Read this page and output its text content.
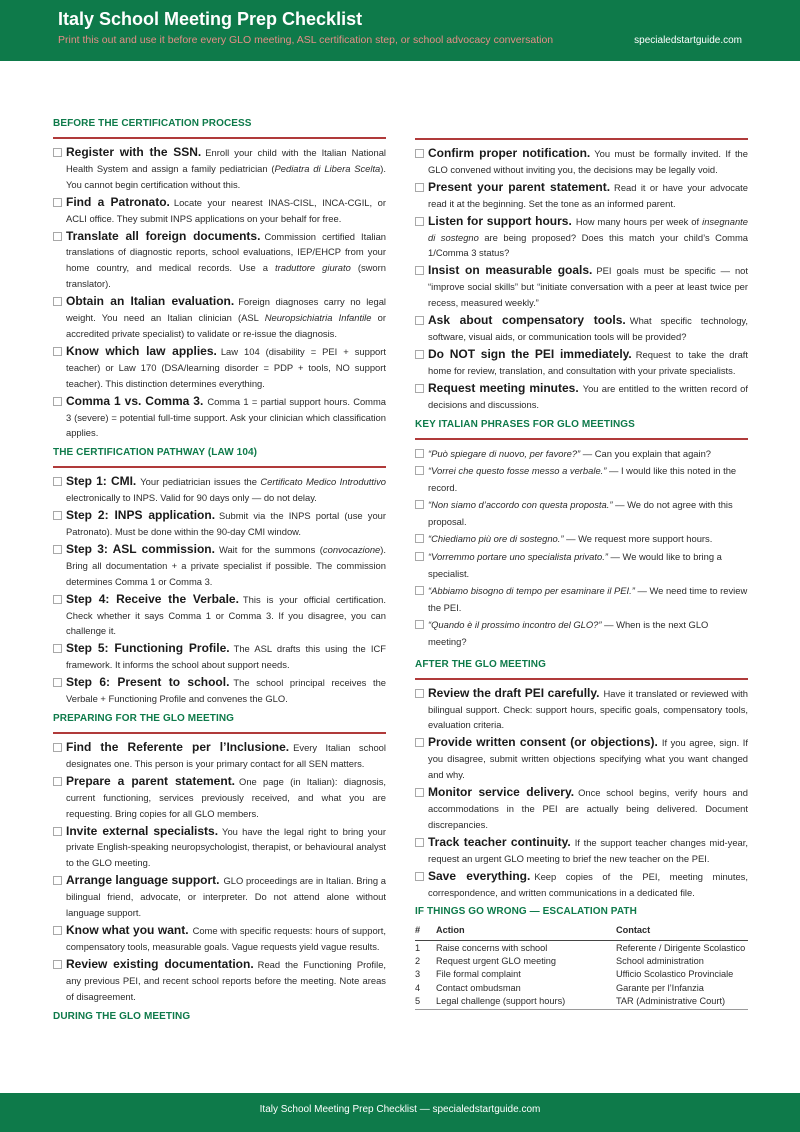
Italy School Meeting Prep Checklist
Print this out and use it before every GLO meeting, ASL certification step, or school advocacy conversation	specialedstartguide.com
BEFORE THE CERTIFICATION PROCESS
Register with the SSN. Enroll your child with the Italian National Health System and assign a family pediatrician (Pediatra di Libera Scelta). You cannot begin certification without this.
Find a Patronato. Locate your nearest INAS-CISL, INCA-CGIL, or ACLI office. They submit INPS applications on your behalf for free.
Translate all foreign documents. Commission certified Italian translations of diagnostic reports, school evaluations, IEP/EHCP from your home country, and medical records. Use a traduttore giurato (sworn translator).
Obtain an Italian evaluation. Foreign diagnoses carry no legal weight. You need an Italian clinician (ASL Neuropsichiatria Infantile or accredited private specialist) to validate or re-issue the diagnosis.
Know which law applies. Law 104 (disability = PEI + support teacher) or Law 170 (DSA/learning disorder = PDP + tools, NO support teacher). This distinction determines everything.
Comma 1 vs. Comma 3. Comma 1 = partial support hours. Comma 3 (severe) = potential full-time support. Ask your clinician which classification applies.
THE CERTIFICATION PATHWAY (LAW 104)
Step 1: CMI. Your pediatrician issues the Certificato Medico Introduttivo electronically to INPS. Valid for 90 days only — do not delay.
Step 2: INPS application. Submit via the INPS portal (use your Patronato). Must be done within the 90-day CMI window.
Step 3: ASL commission. Wait for the summons (convocazione). Bring all documentation + a private specialist if possible. The commission determines Comma 1 or Comma 3.
Step 4: Receive the Verbale. This is your official certification. Check whether it says Comma 1 or Comma 3. If you disagree, you can challenge it.
Step 5: Functioning Profile. The ASL drafts this using the ICF framework. It informs the school about support needs.
Step 6: Present to school. The school principal receives the Verbale + Functioning Profile and convenes the GLO.
PREPARING FOR THE GLO MEETING
Find the Referente per l’Inclusione. Every Italian school designates one. This person is your primary contact for all SEN matters.
Prepare a parent statement. One page (in Italian): diagnosis, current functioning, services previously received, and what you are requesting. Bring copies for all GLO members.
Invite external specialists. You have the legal right to bring your private English-speaking neuropsychologist, therapist, or behavioural analyst to the GLO meeting.
Arrange language support. GLO proceedings are in Italian. Bring a bilingual friend, advocate, or interpreter. Do not attend alone without language support.
Know what you want. Come with specific requests: hours of support, compensatory tools, measurable goals. Vague requests yield vague results.
Review existing documentation. Read the Functioning Profile, any previous PEI, and recent school reports before the meeting. Note areas of disagreement.
DURING THE GLO MEETING
Confirm proper notification. You must be formally invited. If the GLO convened without inviting you, the decisions may be legally void.
Present your parent statement. Read it or have your advocate read it at the beginning. Set the tone as an informed parent.
Listen for support hours. How many hours per week of insegnante di sostegno are being proposed? Does this match your child’s Comma 1/Comma 3 status?
Insist on measurable goals. PEI goals must be specific — not “improve social skills” but “initiate conversation with a peer at least twice per recess, measured weekly.”
Ask about compensatory tools. What specific technology, software, visual aids, or communication tools will be provided?
Do NOT sign the PEI immediately. Request to take the draft home for review, translation, and consultation with your private specialists.
Request meeting minutes. You are entitled to the written record of decisions and discussions.
KEY ITALIAN PHRASES FOR GLO MEETINGS
“Può spiegare di nuovo, per favore?” — Can you explain that again?
“Vorrei che questo fosse messo a verbale.” — I would like this noted in the record.
“Non siamo d’accordo con questa proposta.” — We do not agree with this proposal.
“Chiediamo più ore di sostegno.” — We request more support hours.
“Vorremmo portare uno specialista privato.” — We would like to bring a specialist.
“Abbiamo bisogno di tempo per esaminare il PEI.” — We need time to review the PEI.
“Quando è il prossimo incontro del GLO?” — When is the next GLO meeting?
AFTER THE GLO MEETING
Review the draft PEI carefully. Have it translated or reviewed with bilingual support. Check: support hours, specific goals, compensatory tools, evaluation criteria.
Provide written consent (or objections). If you agree, sign. If you disagree, submit written objections specifying what you want changed and why.
Monitor service delivery. Once school begins, verify hours and accommodations in the PEI are actually being delivered. Document discrepancies.
Track teacher continuity. If the support teacher changes mid-year, request an urgent GLO meeting to brief the new teacher on the PEI.
Save everything. Keep copies of the PEI, meeting minutes, correspondence, and written communications in a dedicated file.
IF THINGS GO WRONG — ESCALATION PATH
#	Action	Contact
1	Raise concerns with school	Referente / Dirigente Scolastico
2	Request urgent GLO meeting	School administration
3	File formal complaint	Ufficio Scolastico Provinciale
4	Contact ombudsman	Garante per l’Infanzia
5	Legal challenge (support hours)	TAR (Administrative Court)
Italy School Meeting Prep Checklist — specialedstartguide.com
